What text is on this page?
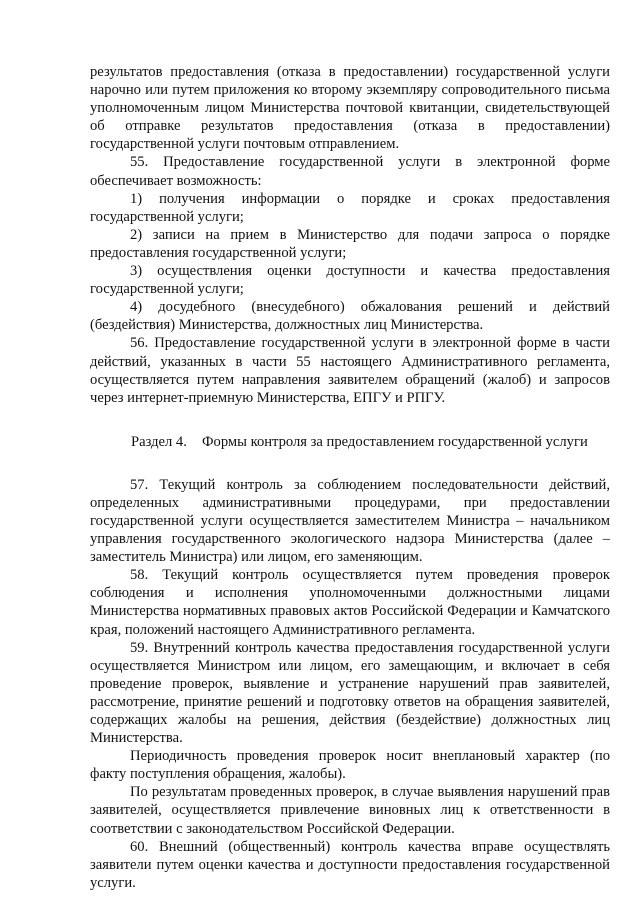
результатов предоставления (отказа в предоставлении) государственной услуги нарочно или путем приложения ко второму экземпляру сопроводительного письма уполномоченным лицом Министерства почтовой квитанции, свидетельствующей об отправке результатов предоставления (отказа в предоставлении) государственной услуги почтовым отправлением.

55. Предоставление государственной услуги в электронной форме обеспечивает возможность:

1) получения информации о порядке и сроках предоставления государственной услуги;

2) записи на прием в Министерство для подачи запроса о порядке предоставления государственной услуги;

3) осуществления оценки доступности и качества предоставления государственной услуги;

4) досудебного (внесудебного) обжалования решений и действий (бездействия) Министерства, должностных лиц Министерства.

56. Предоставление государственной услуги в электронной форме в части действий, указанных в части 55 настоящего Административного регламента, осуществляется путем направления заявителем обращений (жалоб) и запросов через интернет-приемную Министерства, ЕПГУ и РПГУ.

Раздел 4. Формы контроля за предоставлением государственной услуги

57. Текущий контроль за соблюдением последовательности действий, определенных административными процедурами, при предоставлении государственной услуги осуществляется заместителем Министра – начальником управления государственного экологического надзора Министерства (далее – заместитель Министра) или лицом, его заменяющим.

58. Текущий контроль осуществляется путем проведения проверок соблюдения и исполнения уполномоченными должностными лицами Министерства нормативных правовых актов Российской Федерации и Камчатского края, положений настоящего Административного регламента.

59. Внутренний контроль качества предоставления государственной услуги осуществляется Министром или лицом, его замещающим, и включает в себя проведение проверок, выявление и устранение нарушений прав заявителей, рассмотрение, принятие решений и подготовку ответов на обращения заявителей, содержащих жалобы на решения, действия (бездействие) должностных лиц Министерства.

Периодичность проведения проверок носит внеплановый характер (по факту поступления обращения, жалобы).

По результатам проведенных проверок, в случае выявления нарушений прав заявителей, осуществляется привлечение виновных лиц к ответственности в соответствии с законодательством Российской Федерации.

60. Внешний (общественный) контроль качества вправе осуществлять заявители путем оценки качества и доступности предоставления государственной услуги.
